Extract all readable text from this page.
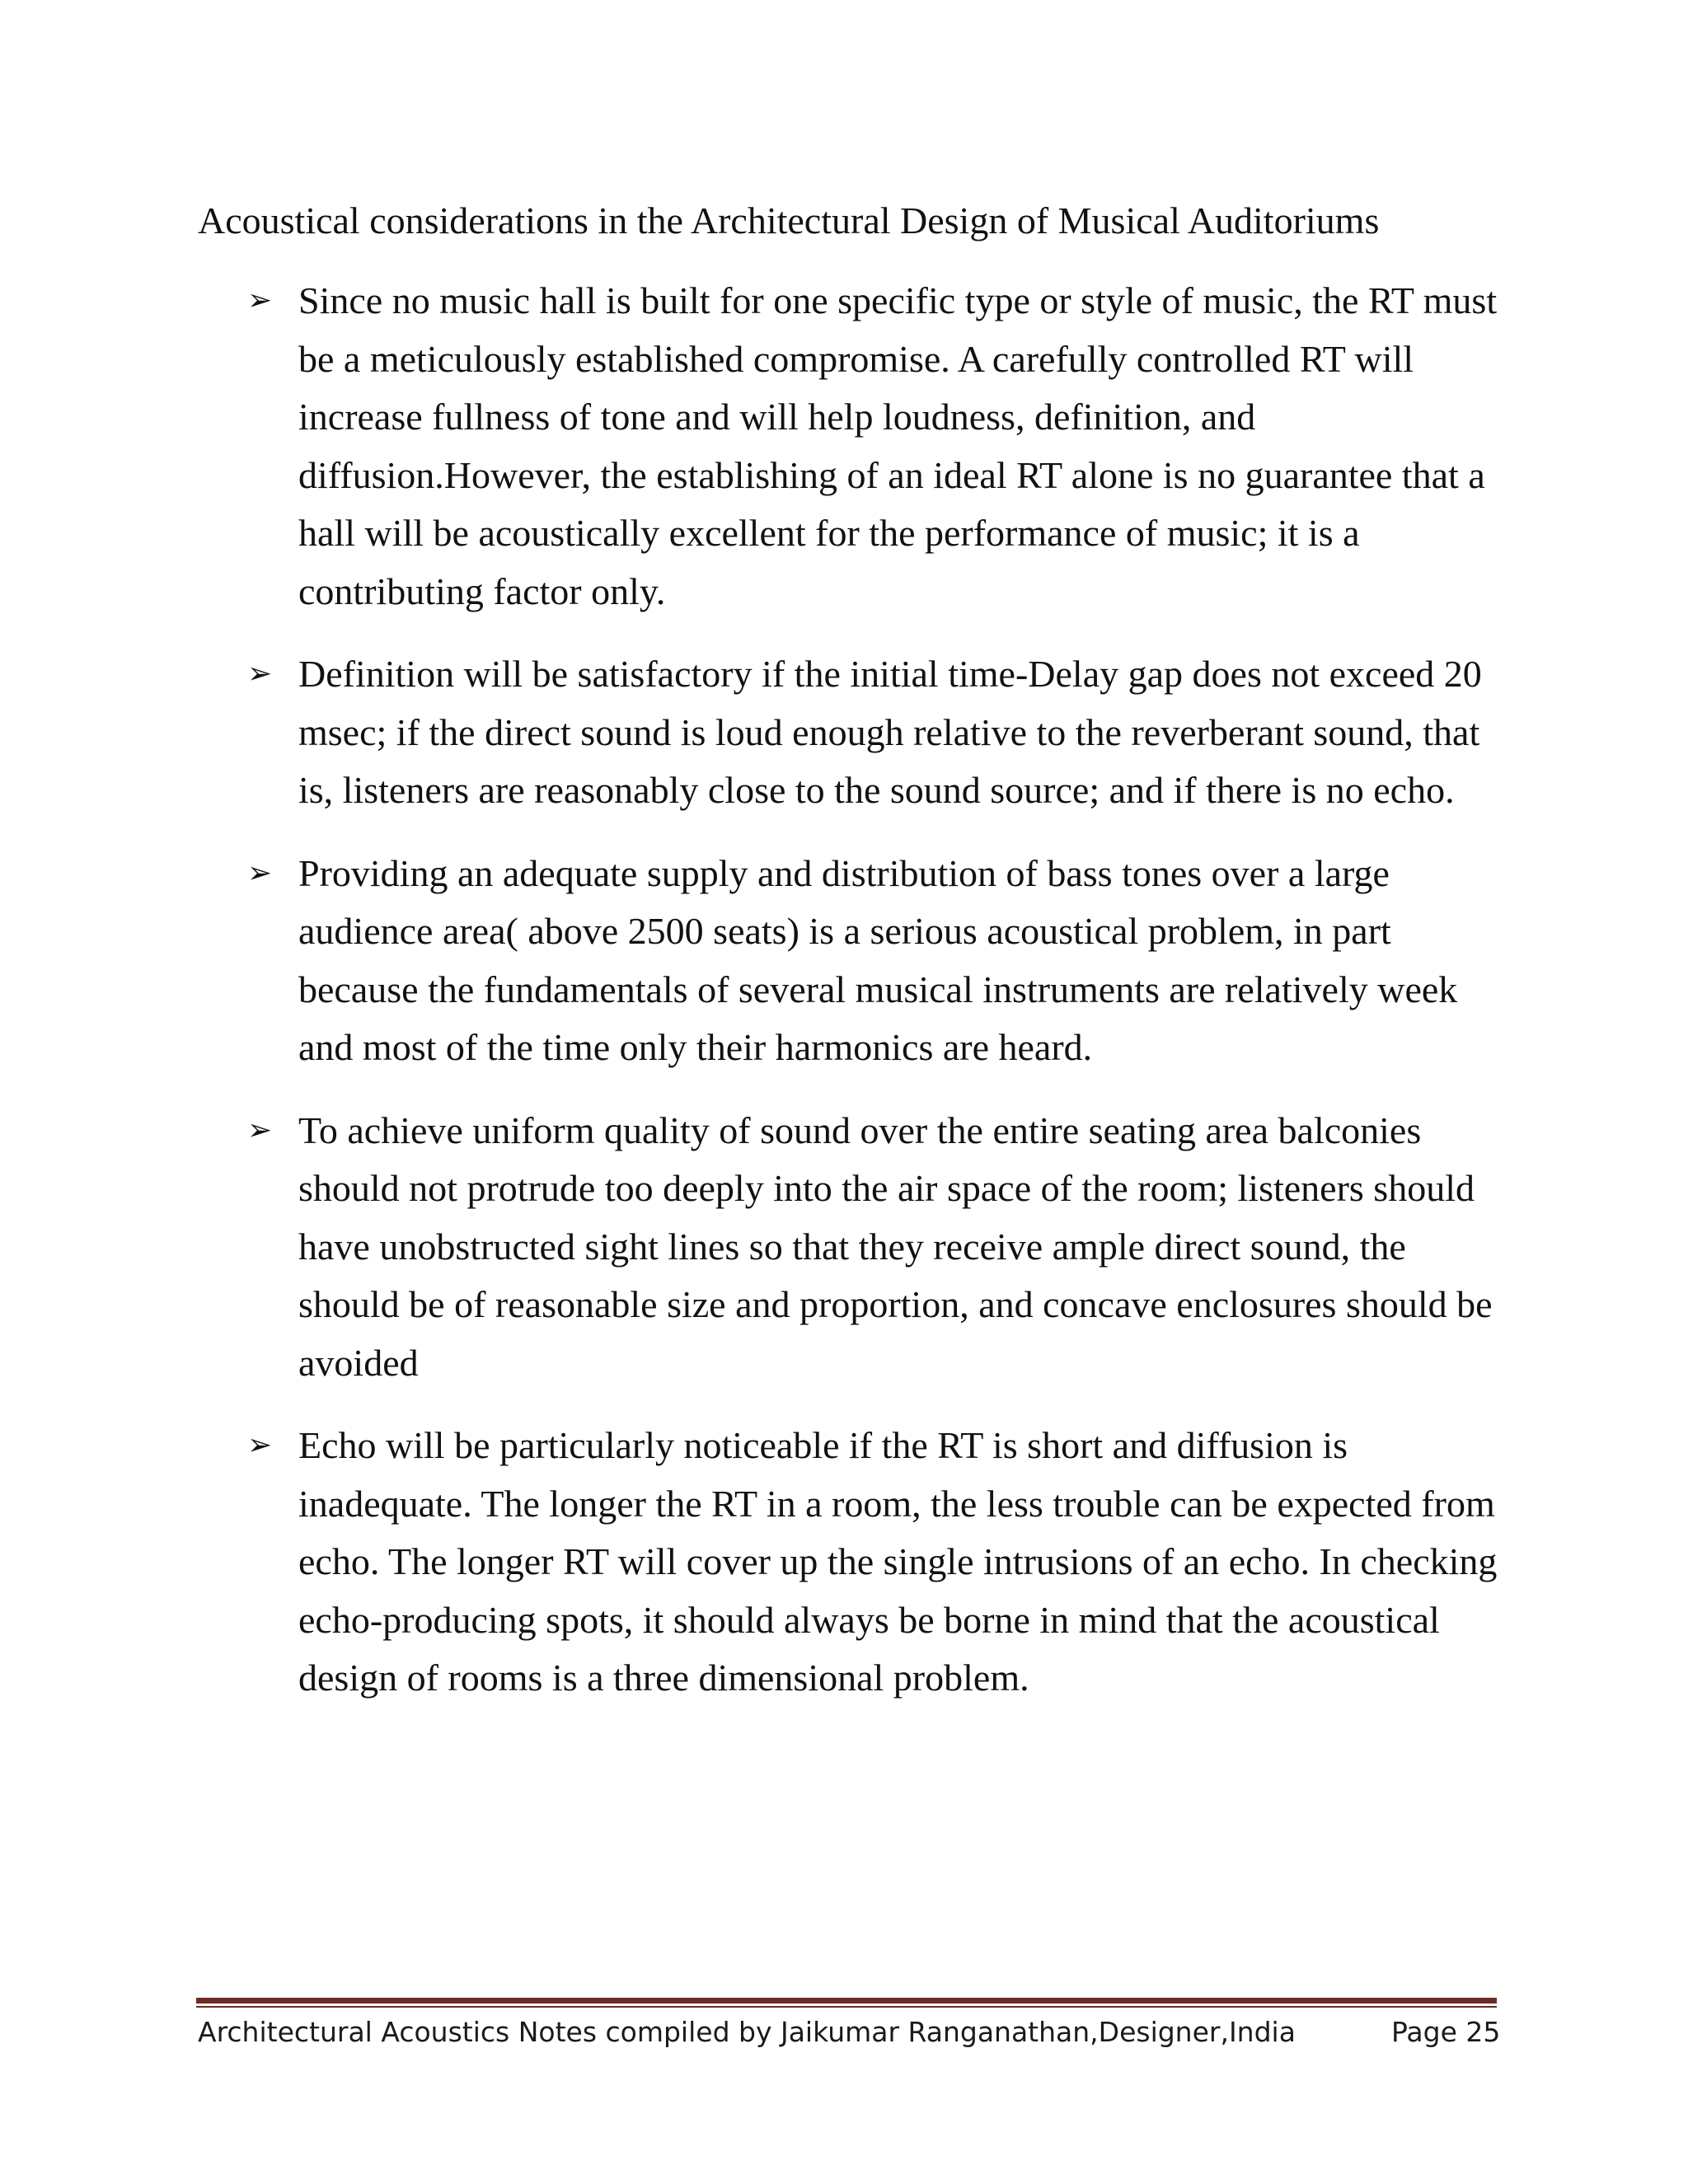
Acoustical considerations in the Architectural Design of Musical Auditoriums
➢ Since no music hall is built for one specific type or style of music, the RT must be a meticulously established compromise. A carefully controlled RT will increase fullness of tone and will help loudness, definition, and diffusion.However, the establishing of an ideal RT alone is no guarantee that a hall will be acoustically excellent for the performance of music; it is a contributing factor only.
➢ Definition will be satisfactory if the initial time-Delay gap does not exceed 20 msec; if the direct sound is loud enough relative to the reverberant sound, that is, listeners are reasonably close to the sound source; and if there is no echo.
➢ Providing an adequate supply and distribution of bass tones over a large audience area( above 2500 seats) is a serious acoustical problem, in part because the fundamentals of several musical instruments are relatively week and most of the time only their harmonics are heard.
➢ To achieve uniform quality of sound over the entire seating area balconies should not protrude too deeply into the air space of the room; listeners should have unobstructed sight lines so that they receive ample direct sound, the should be of reasonable size and proportion, and concave enclosures should be avoided
➢ Echo will be particularly noticeable if the RT is short and diffusion is inadequate. The longer the RT in a room, the less trouble can be expected from echo. The longer RT will cover up the single intrusions of an echo. In checking echo-producing spots, it should always be borne in mind that the acoustical design of rooms is a three dimensional problem.
Architectural Acoustics Notes compiled by Jaikumar Ranganathan,Designer,India	Page 25
